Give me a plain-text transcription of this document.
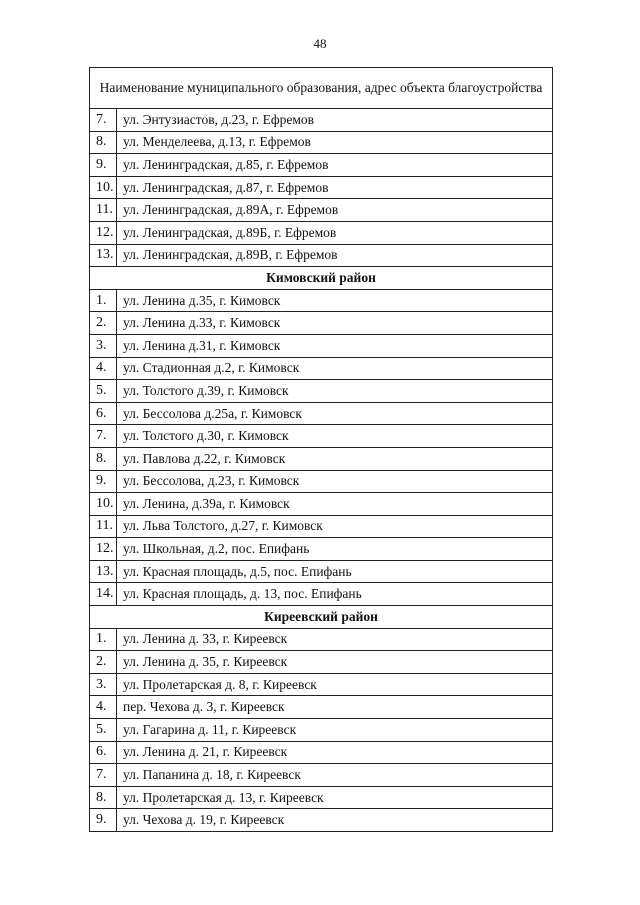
48
Наименование муниципального образования, адрес объекта благоустройства	
7.	ул. Энтузиастов, д.23, г. Ефремов
8.	ул. Менделеева, д.13, г. Ефремов
9.	ул. Ленинградская, д.85, г. Ефремов
10.	ул. Ленинградская, д.87, г. Ефремов
11.	ул. Ленинградская, д.89А, г. Ефремов
12.	ул. Ленинградская, д.89Б, г. Ефремов
13.	ул. Ленинградская, д.89В, г. Ефремов
Кимовский район	
1.	ул. Ленина д.35, г. Кимовск
2.	ул. Ленина д.33, г. Кимовск
3.	ул. Ленина д.31, г. Кимовск
4.	ул. Стадионная д.2, г. Кимовск
5.	ул. Толстого д.39, г. Кимовск
6.	ул. Бессолова д.25а, г. Кимовск
7.	ул. Толстого д.30, г. Кимовск
8.	ул. Павлова д.22, г. Кимовск
9.	ул. Бессолова, д.23, г. Кимовск
10.	ул. Ленина, д.39а, г. Кимовск
11.	ул. Льва Толстого, д.27, г. Кимовск
12.	ул. Школьная, д.2, пос. Епифань
13.	ул. Красная площадь, д.5, пос. Епифань
14.	ул. Красная площадь, д. 13, пос. Епифань
Киреевский район	
1.	ул. Ленина д. 33, г. Киреевск
2.	ул. Ленина д. 35, г. Киреевск
3.	ул. Пролетарская д. 8, г. Киреевск
4.	пер. Чехова д. 3, г. Киреевск
5.	ул. Гагарина д. 11, г. Киреевск
6.	ул. Ленина д. 21, г. Киреевск
7.	ул. Папанина д. 18, г. Киреевск
8.	ул. Пролетарская д. 13, г. Киреевск
9.	ул. Чехова д. 19, г. Киреевск
